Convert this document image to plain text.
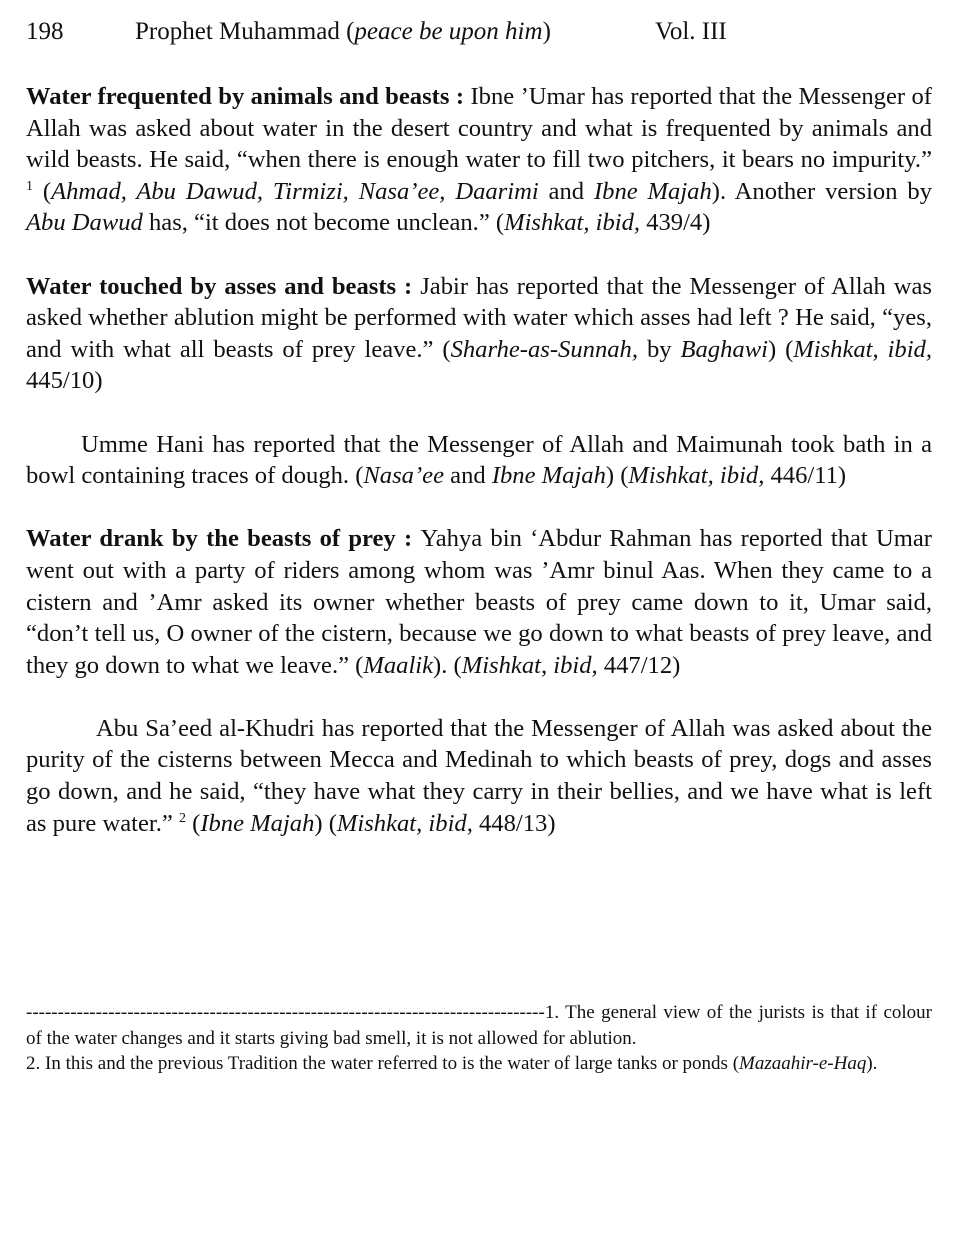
198	Prophet Muhammad (peace be upon him)	Vol. III

Water frequented by animals and beasts : Ibne ’Umar has reported that the Messenger of Allah was asked about water in the desert country and what is frequented by animals and wild beasts. He said, “when there is enough water to fill two pitchers, it bears no impurity.” $^1$ (Ahmad, Abu Dawud, Tirmizi, Nasa’ee, Daarimi and Ibne Majah). Another version by Abu Dawud has, “it does not become unclean.” (Mishkat, ibid, 439/4)

Water touched by asses and beasts : Jabir has reported that the Messenger of Allah was asked whether ablution might be performed with water which asses had left ? He said, “yes, and with what all beasts of prey leave.” (Sharhe-as-Sunnah, by Baghawi) (Mishkat, ibid, 445/10)

Umme Hani has reported that the Messenger of Allah and Maimunah took bath in a bowl containing traces of dough. (Nasa’ee and Ibne Majah) (Mishkat, ibid, 446/11)

Water drank by the beasts of prey : Yahya bin ‘Abdur Rahman has reported that Umar went out with a party of riders among whom was ’Amr binul Aas. When they came to a cistern and ’Amr asked its owner whether beasts of prey came down to it, Umar said, “don’t tell us, O owner of the cistern, because we go down to what beasts of prey leave, and they go down to what we leave.” (Maalik). (Mishkat, ibid, 447/12)

Abu Sa’eed al-Khudri has reported that the Messenger of Allah was asked about the purity of the cisterns between Mecca and Medinah to which beasts of prey, dogs and asses go down, and he said, “they have what they carry in their bellies, and we have what is left as pure water.” $^2$ (Ibne Majah) (Mishkat, ibid, 448/13)

----------------------------------------------------------------------------------1. The general view of the jurists is that if colour of the water changes and it starts giving bad smell, it is not allowed for ablution.

2. In this and the previous Tradition the water referred to is the water of large tanks or ponds (Mazaahir-e-Haq).
